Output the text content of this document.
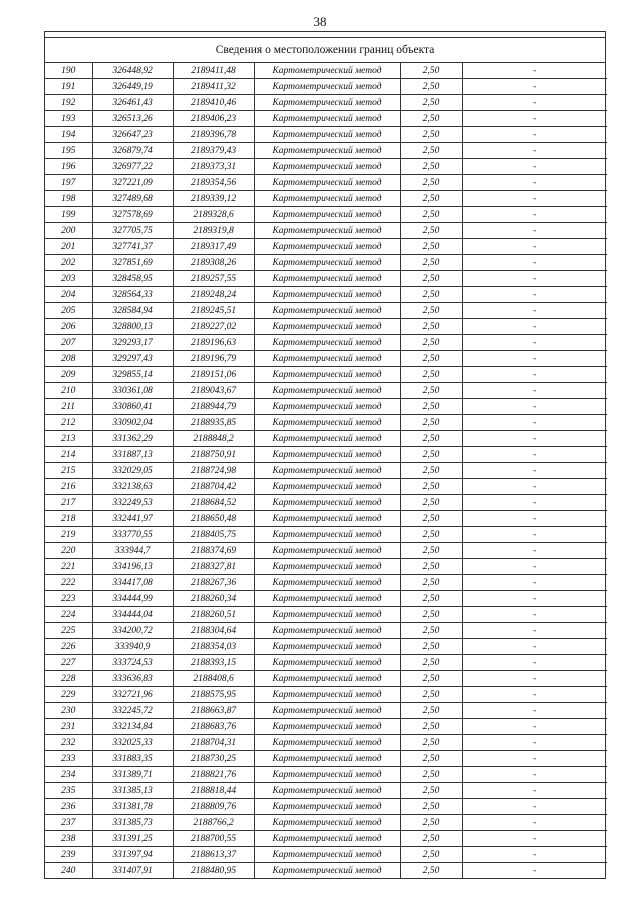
38
Сведения о местоположении границ объекта
190	326448,92	2189411,48	Картометрический метод	2,50	-
191	326449,19	2189411,32	Картометрический метод	2,50	-
192	326461,43	2189410,46	Картометрический метод	2,50	-
193	326513,26	2189406,23	Картометрический метод	2,50	-
194	326647,23	2189396,78	Картометрический метод	2,50	-
195	326879,74	2189379,43	Картометрический метод	2,50	-
196	326977,22	2189373,31	Картометрический метод	2,50	-
197	327221,09	2189354,56	Картометрический метод	2,50	-
198	327489,68	2189339,12	Картометрический метод	2,50	-
199	327578,69	2189328,6	Картометрический метод	2,50	-
200	327705,75	2189319,8	Картометрический метод	2,50	-
201	327741,37	2189317,49	Картометрический метод	2,50	-
202	327851,69	2189308,26	Картометрический метод	2,50	-
203	328458,95	2189257,55	Картометрический метод	2,50	-
204	328564,33	2189248,24	Картометрический метод	2,50	-
205	328584,94	2189245,51	Картометрический метод	2,50	-
206	328800,13	2189227,02	Картометрический метод	2,50	-
207	329293,17	2189196,63	Картометрический метод	2,50	-
208	329297,43	2189196,79	Картометрический метод	2,50	-
209	329855,14	2189151,06	Картометрический метод	2,50	-
210	330361,08	2189043,67	Картометрический метод	2,50	-
211	330860,41	2188944,79	Картометрический метод	2,50	-
212	330902,04	2188935,85	Картометрический метод	2,50	-
213	331362,29	2188848,2	Картометрический метод	2,50	-
214	331887,13	2188750,91	Картометрический метод	2,50	-
215	332029,05	2188724,98	Картометрический метод	2,50	-
216	332138,63	2188704,42	Картометрический метод	2,50	-
217	332249,53	2188684,52	Картометрический метод	2,50	-
218	332441,97	2188650,48	Картометрический метод	2,50	-
219	333770,55	2188405,75	Картометрический метод	2,50	-
220	333944,7	2188374,69	Картометрический метод	2,50	-
221	334196,13	2188327,81	Картометрический метод	2,50	-
222	334417,08	2188267,36	Картометрический метод	2,50	-
223	334444,99	2188260,34	Картометрический метод	2,50	-
224	334444,04	2188260,51	Картометрический метод	2,50	-
225	334200,72	2188304,64	Картометрический метод	2,50	-
226	333940,9	2188354,03	Картометрический метод	2,50	-
227	333724,53	2188393,15	Картометрический метод	2,50	-
228	333636,83	2188408,6	Картометрический метод	2,50	-
229	332721,96	2188575,95	Картометрический метод	2,50	-
230	332245,72	2188663,87	Картометрический метод	2,50	-
231	332134,84	2188683,76	Картометрический метод	2,50	-
232	332025,33	2188704,31	Картометрический метод	2,50	-
233	331883,35	2188730,25	Картометрический метод	2,50	-
234	331389,71	2188821,76	Картометрический метод	2,50	-
235	331385,13	2188818,44	Картометрический метод	2,50	-
236	331381,78	2188809,76	Картометрический метод	2,50	-
237	331385,73	2188766,2	Картометрический метод	2,50	-
238	331391,25	2188700,55	Картометрический метод	2,50	-
239	331397,94	2188613,37	Картометрический метод	2,50	-
240	331407,91	2188480,95	Картометрический метод	2,50	-
